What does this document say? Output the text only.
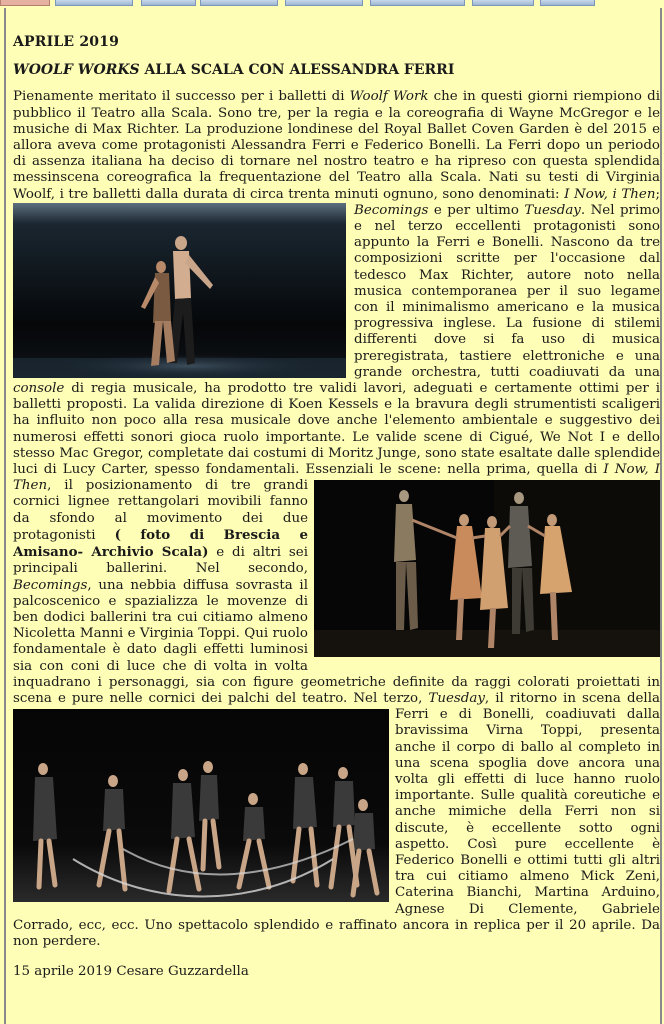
APRILE 2019
WOOLF WORKS ALLA SCALA CON ALESSANDRA FERRI

Pienamente meritato il successo per i balletti di Woolf Work che in questi giorni riempiono di pubblico il Teatro alla Scala. Sono tre, per la regia e la coreografia di Wayne McGregor e le musiche di Max Richter. La produzione londinese del Royal Ballet Coven Garden è del 2015 e allora aveva come protagonisti Alessandra Ferri e Federico Bonelli. La Ferri dopo un periodo di assenza italiana ha deciso di tornare nel nostro teatro e ha ripreso con questa splendida messinscena coreografica la frequentazione del Teatro alla Scala. Nati su testi di Virginia Woolf, i tre balletti dalla durata di circa trenta minuti ognuno, sono denominati:
I Now, i Then; Becomings e per ultimo Tuesday. Nel primo e nel terzo eccellenti protagonisti sono appunto la Ferri e Bonelli. Nascono da tre composizioni scritte per l'occasione dal tedesco Max Richter, autore noto nella musica contemporanea per il suo legame con il minimalismo americano e la musica progressiva inglese. La fusione di stilemi differenti dove si fa uso di musica preregistrata, tastiere elettroniche e una grande orchestra, tutti coadiuvati da una console di regia musicale, ha prodotto tre validi lavori, adeguati e certamente ottimi per i balletti proposti. La valida direzione di Koen Kessels e la bravura degli strumentisti scaligeri ha influito non poco alla resa musicale dove anche l'elemento ambientale e suggestivo dei numerosi effetti sonori gioca ruolo importante. Le valide scene di Cigué, We Not I e dello stesso Mac Gregor, completate dai costumi di Moritz Junge, sono state esaltate dalle splendide luci di Lucy Carter, spesso fondamentali. Essenziali le scene: nella prima, quella di
I Now, I Then, il posizionamento di tre grandi cornici lignee rettangolari movibili fanno da sfondo al movimento dei due protagonisti ( foto di Brescia e Amisano- Archivio Scala) e di altri sei principali ballerini. Nel secondo, Becomings, una nebbia diffusa sovrasta il palcoscenico e spazializza le movenze di ben dodici ballerini tra cui citiamo almeno Nicoletta Manni e Virginia Toppi. Qui ruolo fondamentale è dato dagli effetti luminosi sia con coni di luce che di volta in volta inquadrano i personaggi, sia con figure geometriche definite da raggi colorati proiettati in scena e pure nelle cornici dei palchi del teatro. Nel terzo,
Tuesday, il ritorno in scena della Ferri e di Bonelli, coadiuvati dalla bravissima Virna Toppi, presenta anche il corpo di ballo al completo in una scena spoglia dove ancora una volta gli effetti di luce hanno ruolo importante. Sulle qualità coreutiche e anche mimiche della Ferri non si discute, è eccellente sotto ogni aspetto. Così pure eccellente è Federico Bonelli e ottimi tutti gli altri tra cui citiamo almeno Mick Zeni, Caterina Bianchi, Martina Arduino, Agnese Di Clemente, Gabriele Corrado, ecc, ecc. Uno spettacolo splendido e raffinato ancora in replica per il 20 aprile. Da non perdere.

15 aprile 2019 Cesare Guzzardella
